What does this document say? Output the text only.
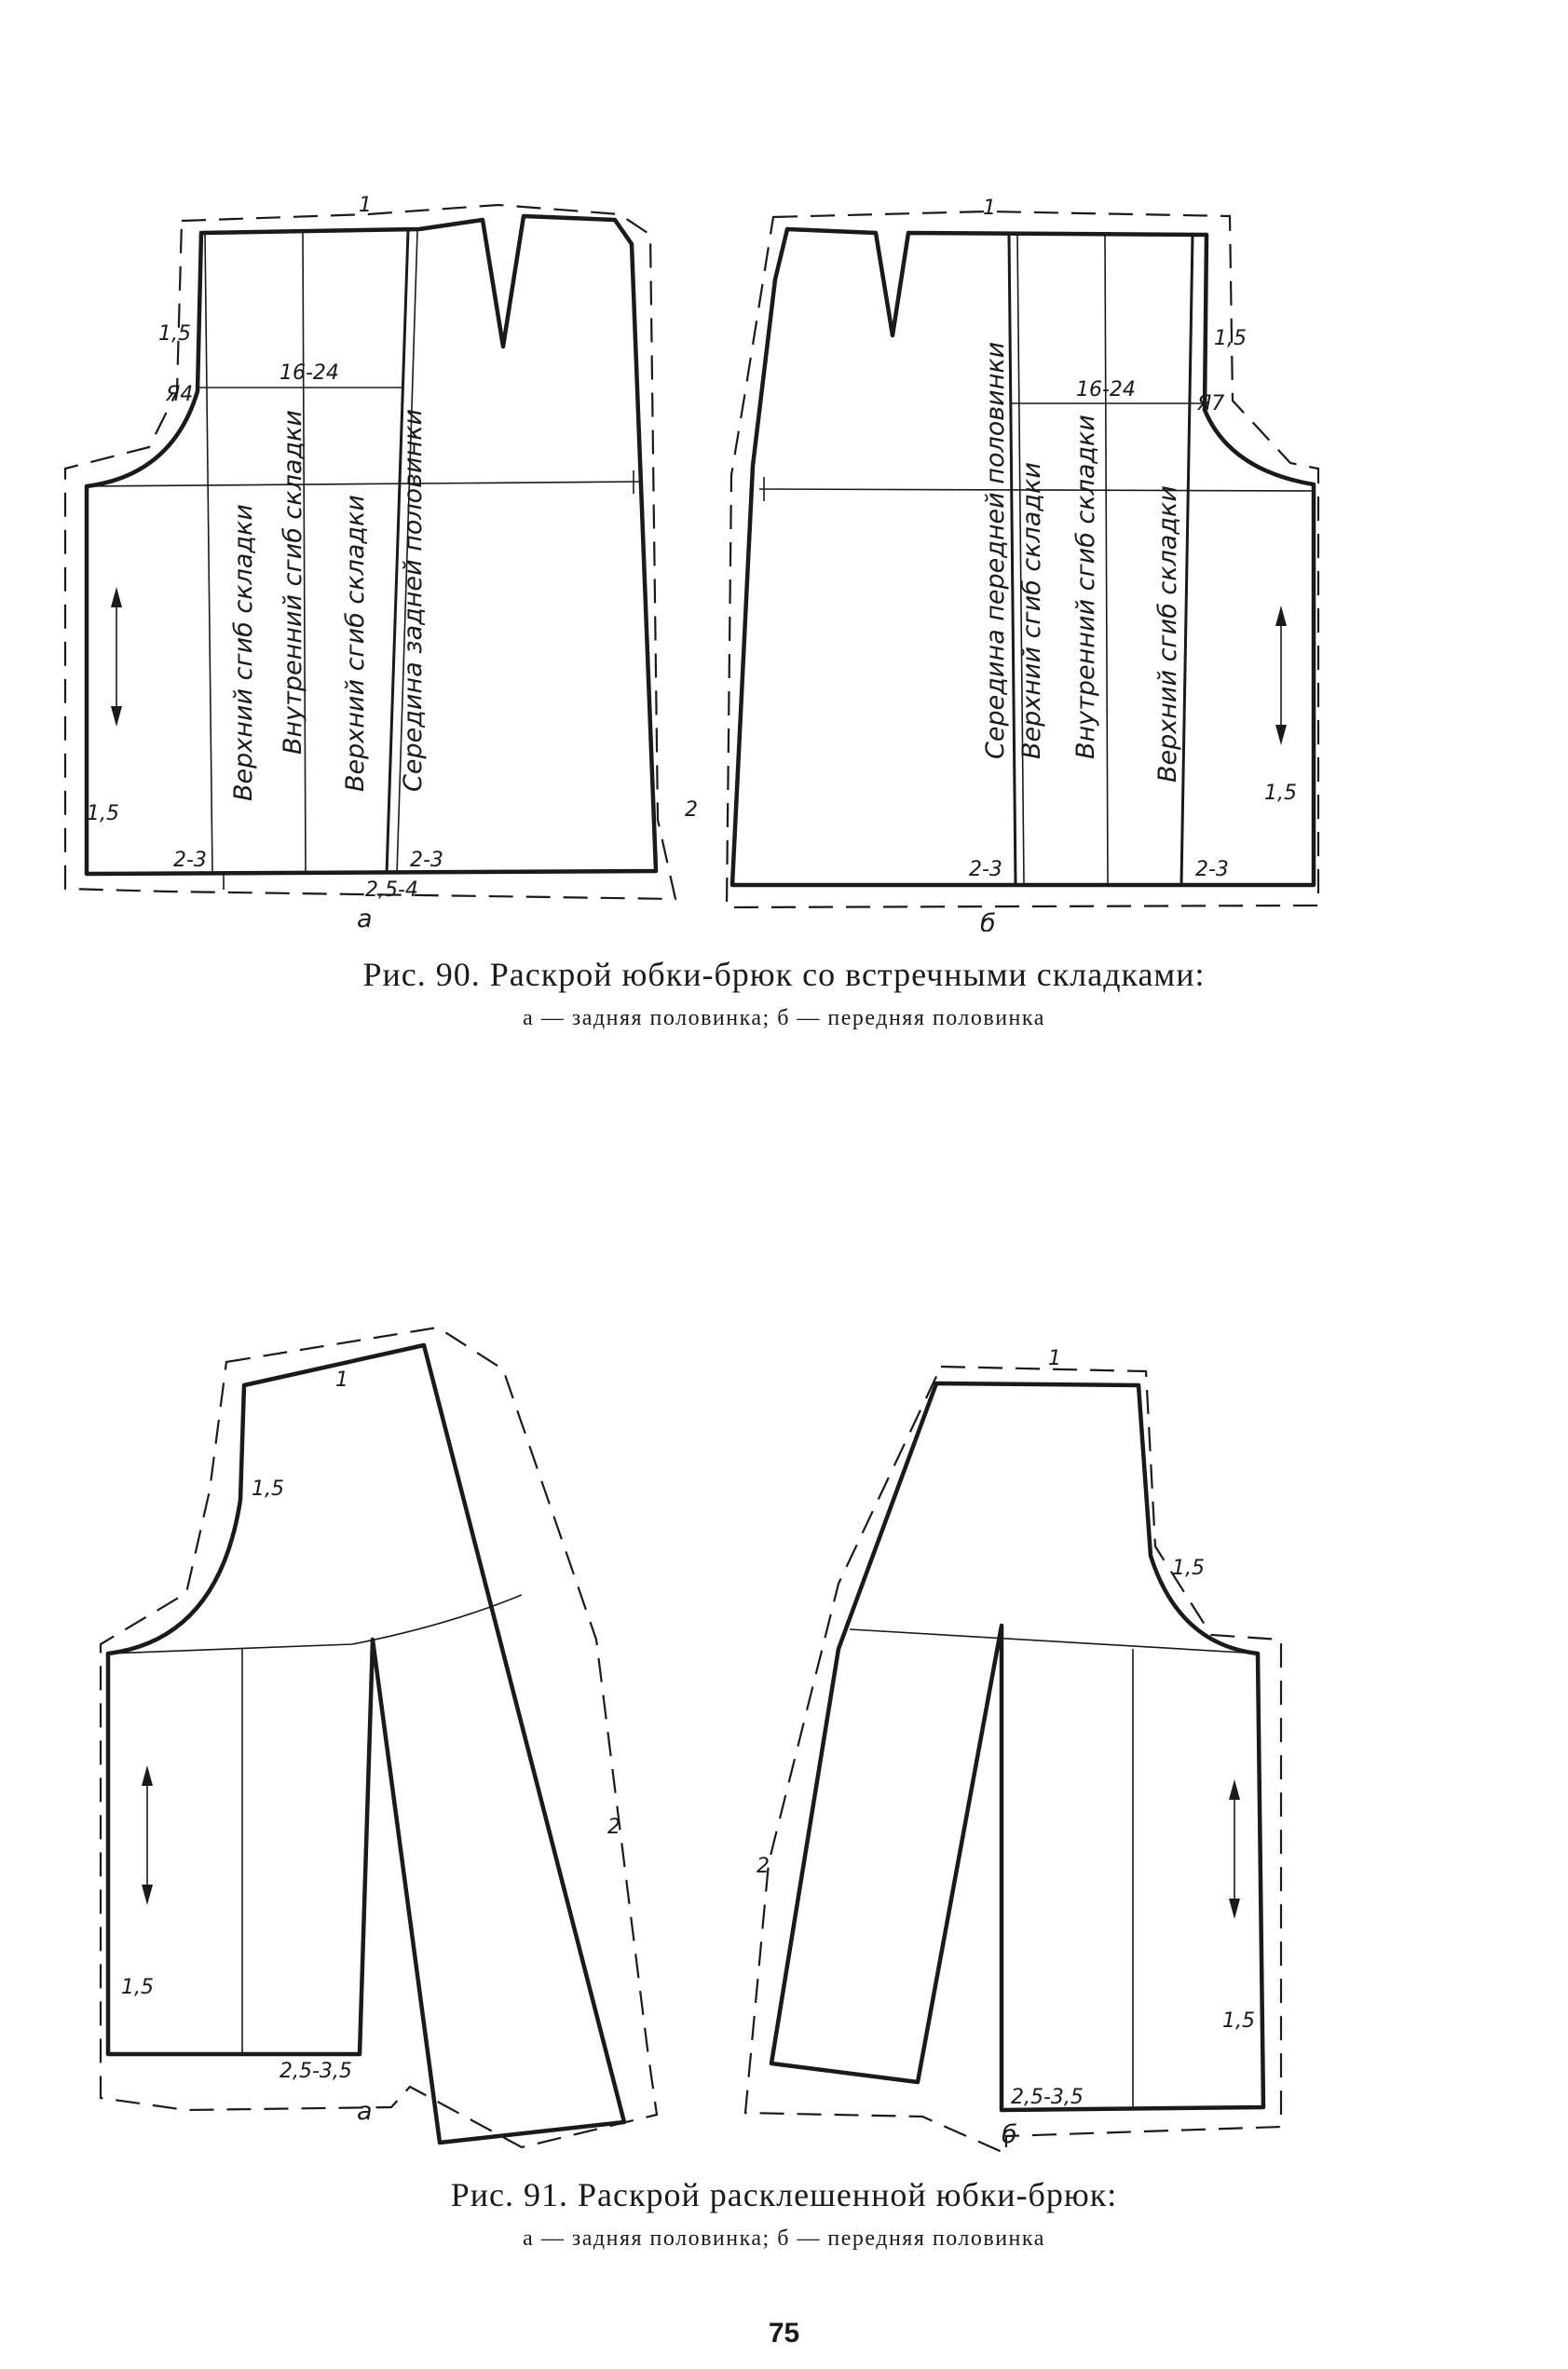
1
1,5
16-24
Я4
1,5	2
2-3	2-3
2,5-4
Верхний сгиб складки Внутренний сгиб складки Верхний сгиб складки Середина задней половинки
а
1
1,5
16-24
Я7
1,5
2-3	2-3
Середина передней половинки Верхний сгиб складки Внутренний сгиб складки Верхний сгиб складки
б
Рис. 90. Раскрой юбки-брюк со встречными складками:
а — задняя половинка; б — передняя половинка
1
1,5
2
1,5
2,5-3,5
а
1
1,5
2
1,5
2,5-3,5
б
Рис. 91. Раскрой расклешенной юбки-брюк:
а — задняя половинка; б — передняя половинка
75
